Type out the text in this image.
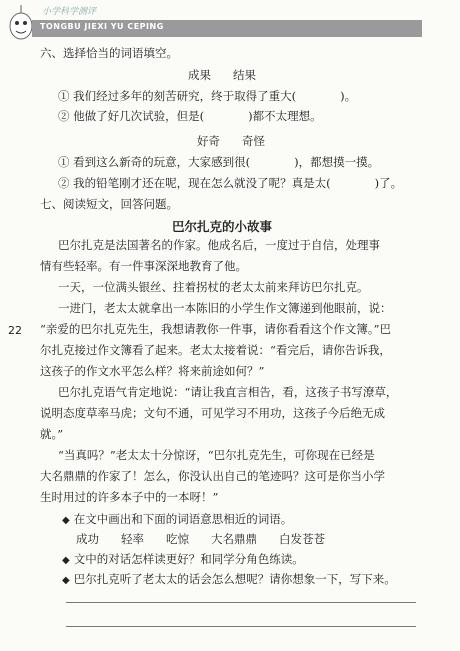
小学科学测评
TONGBU JIEXI YU CEPING
22
六、选择恰当的词语填空。
成果 结果
① 我们经过多年的刻苦研究，终于取得了重大(	)。
② 他做了好几次试验，但是(	)都不太理想。
好奇 奇怪
① 看到这么新奇的玩意，大家感到很(	)，都想摸一摸。
② 我的铅笔刚才还在呢，现在怎么就没了呢？真是太(	)了。
七、阅读短文，回答问题。
巴尔扎克的小故事
巴尔扎克是法国著名的作家。他成名后，一度过于自信，处理事
情有些轻率。有一件事深深地教育了他。
一天，一位满头银丝、拄着拐杖的老太太前来拜访巴尔扎克。
一进门，老太太就拿出一本陈旧的小学生作文簿递到他眼前，说：
“亲爱的巴尔扎克先生，我想请教你一件事，请你看看这个作文簿。”巴
尔扎克接过作文簿看了起来。老太太接着说：“看完后，请你告诉我，
这孩子的作文水平怎么样？将来前途如何？”
巴尔扎克语气肯定地说：“请让我直言相告，看，这孩子书写潦草，
说明态度草率马虎；文句不通，可见学习不用功，这孩子今后绝无成
就。”
“当真吗？”老太太十分惊讶，“巴尔扎克先生，可你现在已经是
大名鼎鼎的作家了！怎么，你没认出自己的笔迹吗？这可是你当小学
生时用过的许多本子中的一本呀！”
◆ 在文中画出和下面的词语意思相近的词语。
成功 轻率 吃惊 大名鼎鼎 白发苍苍
◆ 文中的对话怎样读更好？和同学分角色练读。
◆ 巴尔扎克听了老太太的话会怎么想呢？请你想象一下，写下来。
